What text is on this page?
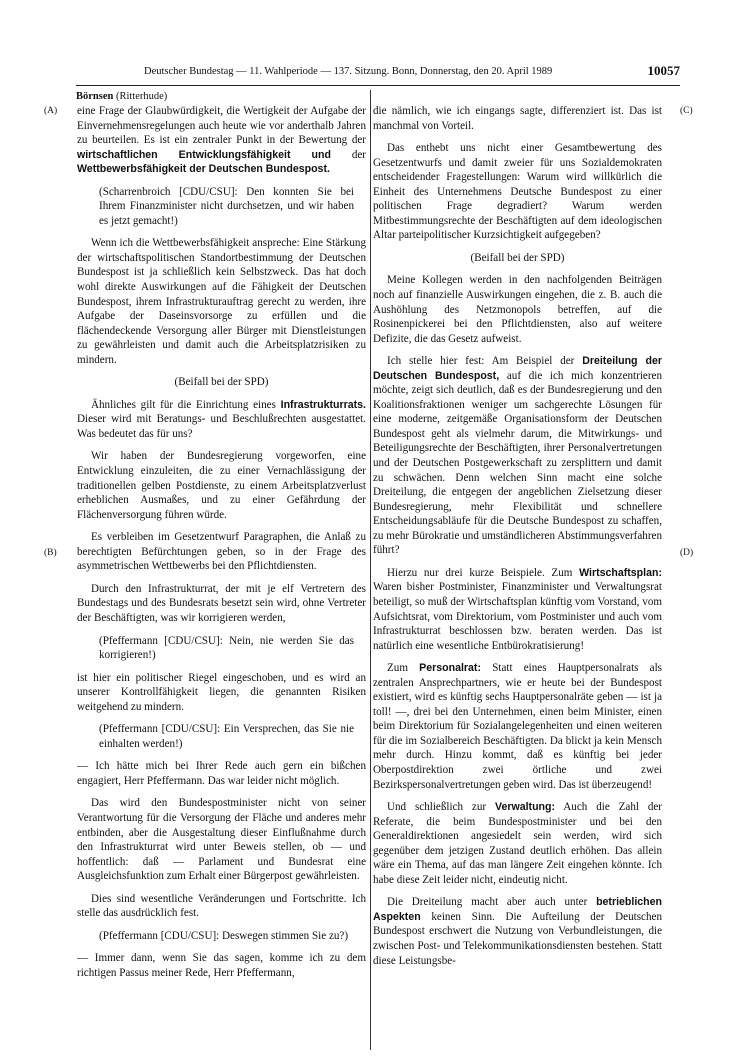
Deutscher Bundestag — 11. Wahlperiode — 137. Sitzung. Bonn, Donnerstag, den 20. April 1989	10057
Börnsen (Ritterhude)
(A)
(B)
(C)
(D)

eine Frage der Glaubwürdigkeit, die Wertigkeit der Aufgabe der Einvernehmensregelungen auch heute wie vor anderthalb Jahren zu beurteilen. Es ist ein zentraler Punkt in der Bewertung der wirtschaftlichen Entwicklungsfähigkeit und der Wettbewerbsfähigkeit der Deutschen Bundespost.

(Scharrenbroich [CDU/CSU]: Den konnten Sie bei Ihrem Finanzminister nicht durchsetzen, und wir haben es jetzt gemacht!)

Wenn ich die Wettbewerbsfähigkeit anspreche: Eine Stärkung der wirtschaftspolitischen Standortbestimmung der Deutschen Bundespost ist ja schließlich kein Selbstzweck. Das hat doch wohl direkte Auswirkungen auf die Fähigkeit der Deutschen Bundespost, ihrem Infrastrukturauftrag gerecht zu werden, ihre Aufgabe der Daseinsvorsorge zu erfüllen und die flächendeckende Versorgung aller Bürger mit Dienstleistungen zu gewährleisten und damit auch die Arbeitsplatzrisiken zu mindern.

(Beifall bei der SPD)

Ähnliches gilt für die Einrichtung eines Infrastrukturrats. Dieser wird mit Beratungs- und Beschlußrechten ausgestattet. Was bedeutet das für uns?

Wir haben der Bundesregierung vorgeworfen, eine Entwicklung einzuleiten, die zu einer Vernachlässigung der traditionellen gelben Postdienste, zu einem Arbeitsplatzverlust erheblichen Ausmaßes, und zu einer Gefährdung der Flächenversorgung führen würde.

Es verbleiben im Gesetzentwurf Paragraphen, die Anlaß zu berechtigten Befürchtungen geben, so in der Frage des asymmetrischen Wettbewerbs bei den Pflichtdiensten.

Durch den Infrastrukturrat, der mit je elf Vertretern des Bundestags und des Bundesrats besetzt sein wird, ohne Vertreter der Beschäftigten, was wir korrigieren werden,

(Pfeffermann [CDU/CSU]: Nein, nie werden Sie das korrigieren!)

ist hier ein politischer Riegel eingeschoben, und es wird an unserer Kontrollfähigkeit liegen, die genannten Risiken weitgehend zu mindern.

(Pfeffermann [CDU/CSU]: Ein Versprechen, das Sie nie einhalten werden!)

— Ich hätte mich bei Ihrer Rede auch gern ein bißchen engagiert, Herr Pfeffermann. Das war leider nicht möglich.

Das wird den Bundespostminister nicht von seiner Verantwortung für die Versorgung der Fläche und anderes mehr entbinden, aber die Ausgestaltung dieser Einflußnahme durch den Infrastrukturrat wird unter Beweis stellen, ob — und hoffentlich: daß — Parlament und Bundesrat eine Ausgleichsfunktion zum Erhalt einer Bürgerpost gewährleisten.

Dies sind wesentliche Veränderungen und Fortschritte. Ich stelle das ausdrücklich fest.

(Pfeffermann [CDU/CSU]: Deswegen stimmen Sie zu?)

— Immer dann, wenn Sie das sagen, komme ich zu dem richtigen Passus meiner Rede, Herr Pfeffermann,

die nämlich, wie ich eingangs sagte, differenziert ist. Das ist manchmal von Vorteil.

Das enthebt uns nicht einer Gesamtbewertung des Gesetzentwurfs und damit zweier für uns Sozialdemokraten entscheidender Fragestellungen: Warum wird willkürlich die Einheit des Unternehmens Deutsche Bundespost zu einer politischen Frage degradiert? Warum werden Mitbestimmungsrechte der Beschäftigten auf dem ideologischen Altar parteipolitischer Kurzsichtigkeit aufgegeben?

(Beifall bei der SPD)

Meine Kollegen werden in den nachfolgenden Beiträgen noch auf finanzielle Auswirkungen eingehen, die z. B. auch die Aushöhlung des Netzmonopols betreffen, auf die Rosinenpickerei bei den Pflichtdiensten, also auf weitere Defizite, die das Gesetz aufweist.

Ich stelle hier fest: Am Beispiel der Dreiteilung der Deutschen Bundespost, auf die ich mich konzentrieren möchte, zeigt sich deutlich, daß es der Bundesregierung und den Koalitionsfraktionen weniger um sachgerechte Lösungen für eine moderne, zeitgemäße Organisationsform der Deutschen Bundespost geht als vielmehr darum, die Mitwirkungs- und Beteiligungsrechte der Beschäftigten, ihrer Personalvertretungen und der Deutschen Postgewerkschaft zu zersplittern und damit zu schwächen. Denn welchen Sinn macht eine solche Dreiteilung, die entgegen der angeblichen Zielsetzung dieser Bundesregierung, mehr Flexibilität und schnellere Entscheidungsabläufe für die Deutsche Bundespost zu schaffen, zu mehr Bürokratie und umständlicheren Abstimmungsverfahren führt?

Hierzu nur drei kurze Beispiele. Zum Wirtschaftsplan: Waren bisher Postminister, Finanzminister und Verwaltungsrat beteiligt, so muß der Wirtschaftsplan künftig vom Vorstand, vom Aufsichtsrat, vom Direktorium, vom Postminister und auch vom Infrastrukturrat beschlossen bzw. beraten werden. Das ist natürlich eine wesentliche Entbürokratisierung!

Zum Personalrat: Statt eines Hauptpersonalrats als zentralen Ansprechpartners, wie er heute bei der Bundespost existiert, wird es künftig sechs Hauptpersonalräte geben — ist ja toll! —, drei bei den Unternehmen, einen beim Minister, einen beim Direktorium für Sozialangelegenheiten und einen weiteren für die im Sozialbereich Beschäftigten. Da blickt ja kein Mensch mehr durch. Hinzu kommt, daß es künftig bei jeder Oberpostdirektion zwei örtliche und zwei Bezirkspersonalvertretungen geben wird. Das ist überzeugend!

Und schließlich zur Verwaltung: Auch die Zahl der Referate, die beim Bundespostminister und bei den Generaldirektionen angesiedelt sein werden, wird sich gegenüber dem jetzigen Zustand deutlich erhöhen. Das allein wäre ein Thema, auf das man längere Zeit eingehen könnte. Ich habe diese Zeit leider nicht, eindeutig nicht.

Die Dreiteilung macht aber auch unter betrieblichen Aspekten keinen Sinn. Die Aufteilung der Deutschen Bundespost erschwert die Nutzung von Verbundleistungen, die zwischen Post- und Telekommunikationsdiensten bestehen. Statt diese Leistungsbe-
